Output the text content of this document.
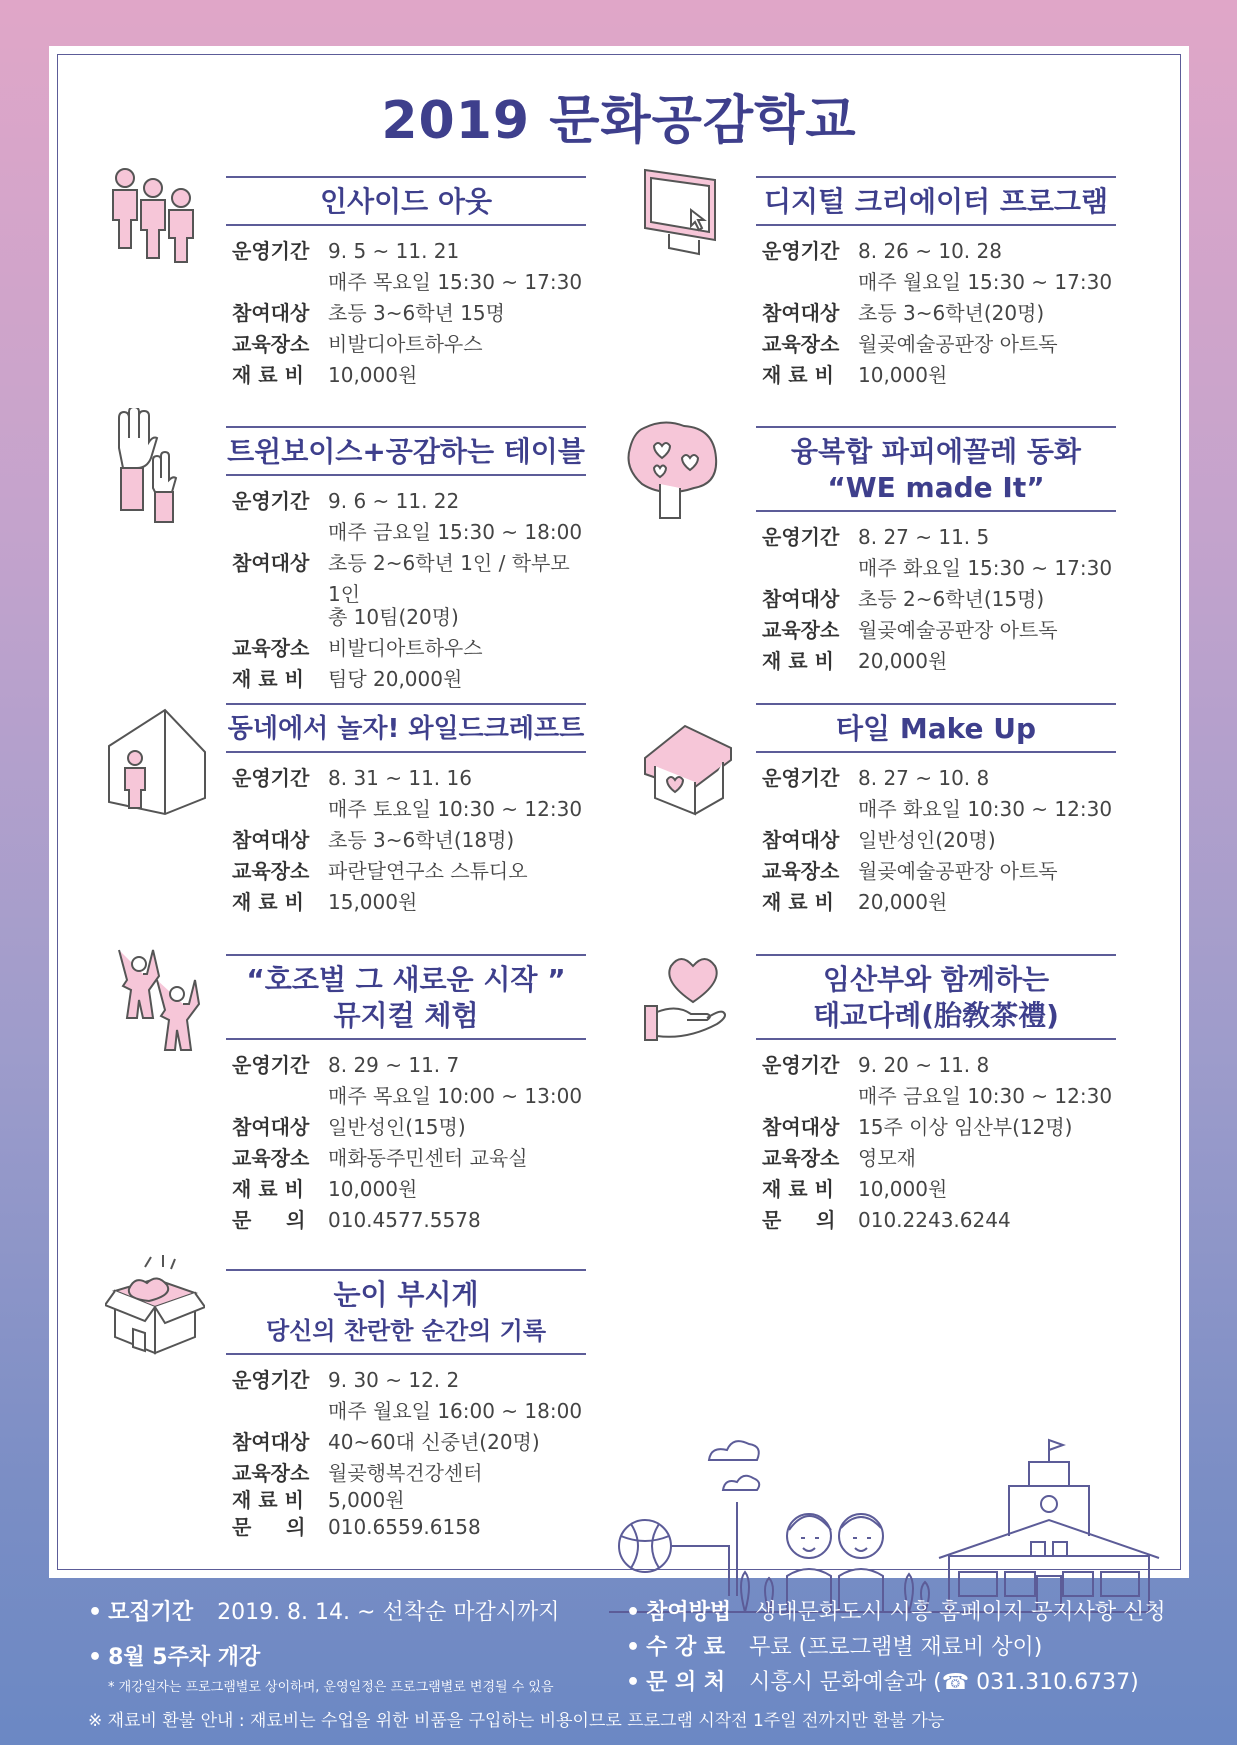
2019 문화공감학교
인사이드 아웃
운영기간 9. 5 ~ 11. 21
매주 목요일 15:30 ~ 17:30
참여대상 초등 3~6학년 15명
교육장소 비발디아트하우스
재 료 비	10,000원
디지털 크리에이터 프로그램
운영기간 8. 26 ~ 10. 28
매주 월요일 15:30 ~ 17:30
참여대상 초등 3~6학년(20명)
교육장소 월곶예술공판장 아트독
재 료 비	10,000원
트윈보이스+공감하는 테이블
운영기간 9. 6 ~ 11. 22
매주 금요일 15:30 ~ 18:00
참여대상 초등 2~6학년 1인 / 학부모 1인
총 10팀(20명)
교육장소 비발디아트하우스
재 료 비	팀당 20,000원
융복합 파피에꼴레 동화
“WE made It”
운영기간 8. 27 ~ 11. 5
매주 화요일 15:30 ~ 17:30
참여대상 초등 2~6학년(15명)
교육장소 월곶예술공판장 아트독
재 료 비	20,000원
동네에서 놀자! 와일드크레프트
운영기간 8. 31 ~ 11. 16
매주 토요일 10:30 ~ 12:30
참여대상 초등 3~6학년(18명)
교육장소 파란달연구소 스튜디오
재 료 비	15,000원
타일 Make Up
운영기간 8. 27 ~ 10. 8
매주 화요일 10:30 ~ 12:30
참여대상 일반성인(20명)
교육장소 월곶예술공판장 아트독
재 료 비	20,000원
“호조벌 그 새로운 시작 ”
뮤지컬 체험
운영기간 8. 29 ~ 11. 7
매주 목요일 10:00 ~ 13:00
참여대상 일반성인(15명)
교육장소 매화동주민센터 교육실
재 료 비	10,000원
문     의	010.4577.5578
임산부와 함께하는
태교다례(胎敎茶禮)
운영기간 9. 20 ~ 11. 8
매주 금요일 10:30 ~ 12:30
참여대상 15주 이상 임산부(12명)
교육장소 영모재
재 료 비	10,000원
문     의	010.2243.6244
눈이 부시게
당신의 찬란한 순간의 기록
운영기간 9. 30 ~ 12. 2
매주 월요일 16:00 ~ 18:00
참여대상 40~60대 신중년(20명)
교육장소 월곶행복건강센터
재 료 비	5,000원
문     의	010.6559.6158
• 모집기간 2019. 8. 14. ~ 선착순 마감시까지
• 8월 5주차 개강
* 개강일자는 프로그램별로 상이하며, 운영일정은 프로그램별로 변경될 수 있음
• 참여방법 생태문화도시 시흥 홈페이지 공지사항 신청
• 수 강 료 무료 (프로그램별 재료비 상이)
• 문 의 처 시흥시 문화예술과 (☎ 031.310.6737)
※ 재료비 환불 안내 : 재료비는 수업을 위한 비품을 구입하는 비용이므로 프로그램 시작전 1주일 전까지만 환불 가능
